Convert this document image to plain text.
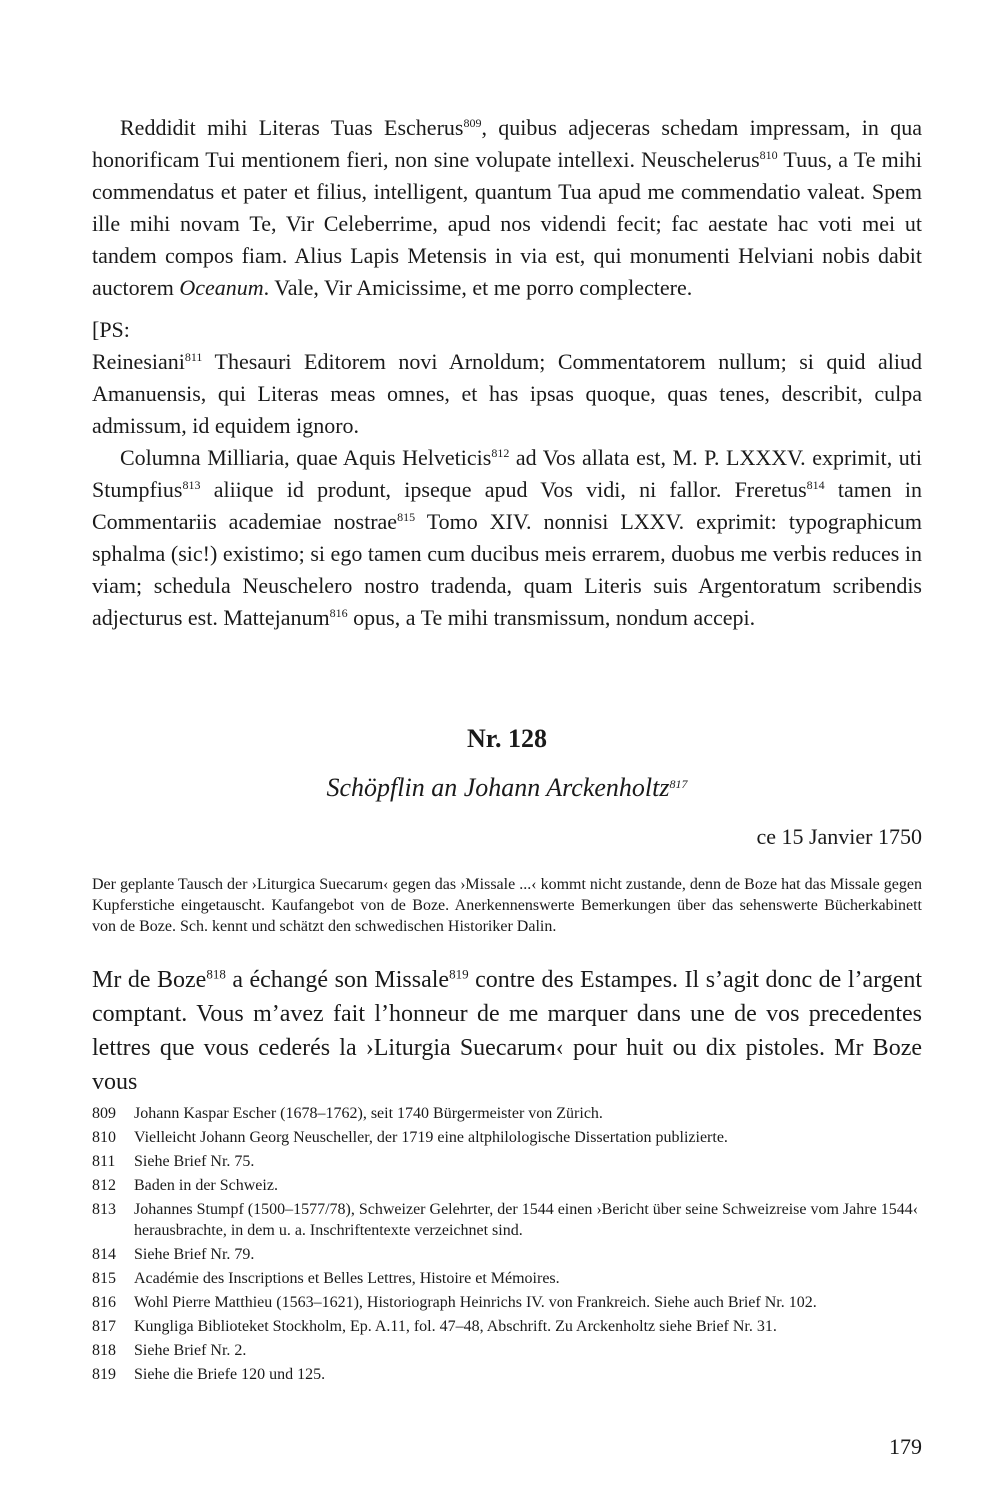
Reddidit mihi Literas Tuas Escherus$^{809}$, quibus adjeceras schedam impressam, in qua honorificam Tui mentionem fieri, non sine volupate intellexi. Neuschelerus$^{810}$ Tuus, a Te mihi commendatus et pater et filius, intelligent, quantum Tua apud me commendatio valeat. Spem ille mihi novam Te, Vir Celeberrime, apud nos videndi fecit; fac aestate hac voti mei ut tandem compos fiam. Alius Lapis Metensis in via est, qui monumenti Helviani nobis dabit auctorem Oceanum. Vale, Vir Amicissime, et me porro complectere.

[PS:

Reinesiani$^{811}$ Thesauri Editorem novi Arnoldum; Commentatorem nullum; si quid aliud Amanuensis, qui Literas meas omnes, et has ipsas quoque, quas tenes, describit, culpa admissum, id equidem ignoro.

Columna Milliaria, quae Aquis Helveticis$^{812}$ ad Vos allata est, M. P. LXXXV. exprimit, uti Stumpfius$^{813}$ aliique id produnt, ipseque apud Vos vidi, ni fallor. Freretus$^{814}$ tamen in Commentariis academiae nostrae$^{815}$ Tomo XIV. nonnisi LXXV. exprimit: typographicum sphalma (sic!) existimo; si ego tamen cum ducibus meis errarem, duobus me verbis reduces in viam; schedula Neuschelero nostro tradenda, quam Literis suis Argentoratum scribendis adjecturus est. Mattejanum$^{816}$ opus, a Te mihi transmissum, nondum accepi.

Nr. 128
Schöpflin an Johann Arckenholtz$^{817}$
ce 15 Janvier 1750

Der geplante Tausch der ›Liturgica Suecarum‹ gegen das ›Missale ...‹ kommt nicht zustande, denn de Boze hat das Missale gegen Kupferstiche eingetauscht. Kaufangebot von de Boze. Anerkennenswerte Bemerkungen über das sehenswerte Bücherkabinett von de Boze. Sch. kennt und schätzt den schwedischen Historiker Dalin.

Mr de Boze$^{818}$ a échangé son Missale$^{819}$ contre des Estampes. Il s’agit donc de l’argent comptant. Vous m’avez fait l’honneur de me marquer dans une de vos precedentes lettres que vous cederés la ›Liturgia Suecarum‹ pour huit ou dix pistoles. Mr Boze vous

809	Johann Kaspar Escher (1678–1762), seit 1740 Bürgermeister von Zürich.
810	Vielleicht Johann Georg Neuscheller, der 1719 eine altphilologische Dissertation publizierte.
811	Siehe Brief Nr. 75.
812	Baden in der Schweiz.
813	Johannes Stumpf (1500–1577/78), Schweizer Gelehrter, der 1544 einen ›Bericht über seine Schweizreise vom Jahre 1544‹ herausbrachte, in dem u. a. Inschriftentexte verzeichnet sind.
814	Siehe Brief Nr. 79.
815	Académie des Inscriptions et Belles Lettres, Histoire et Mémoires.
816	Wohl Pierre Matthieu (1563–1621), Historiograph Heinrichs IV. von Frankreich. Siehe auch Brief Nr. 102.
817	Kungliga Biblioteket Stockholm, Ep. A.11, fol. 47–48, Abschrift. Zu Arckenholtz siehe Brief Nr. 31.
818	Siehe Brief Nr. 2.
819	Siehe die Briefe 120 und 125.
179
